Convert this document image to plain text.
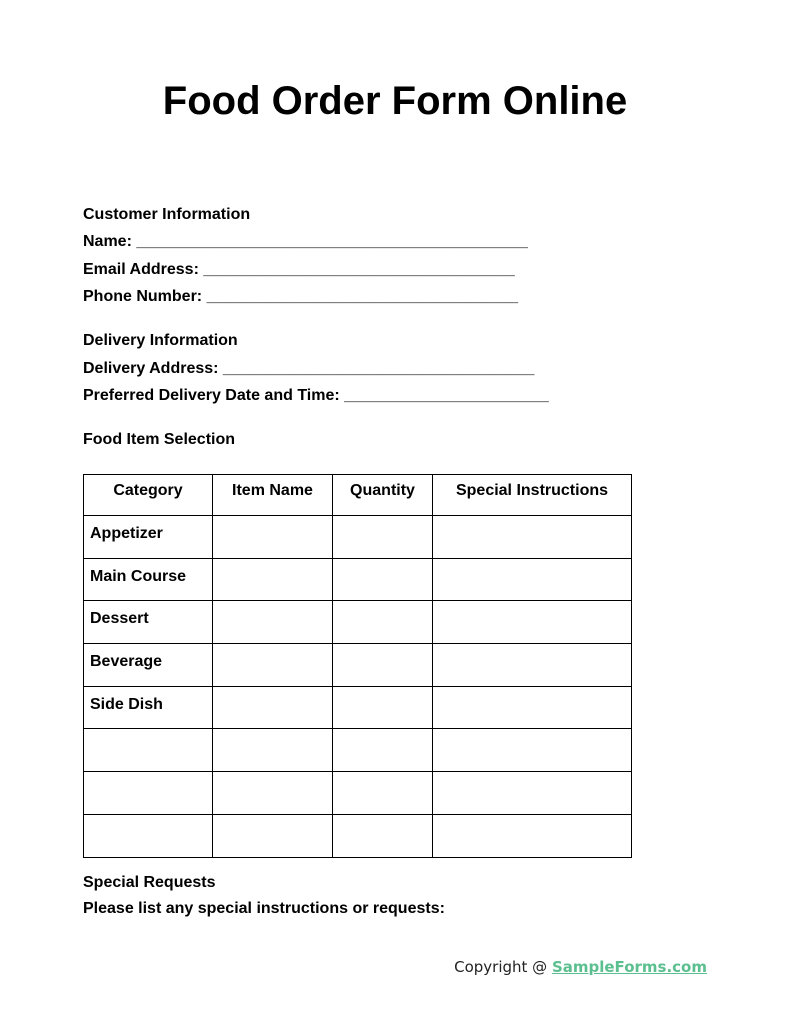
Food Order Form Online

Customer Information

Name: ____________________________________________

Email Address: ___________________________________

Phone Number: ___________________________________

Delivery Information

Delivery Address: ___________________________________

Preferred Delivery Date and Time: _______________________

Food Item Selection

Category	Item Name	Quantity	Special Instructions
Appetizer			
Main Course			
Dessert			
Beverage			
Side Dish			

Special Requests

Please list any special instructions or requests:

Copyright @ SampleForms.com
